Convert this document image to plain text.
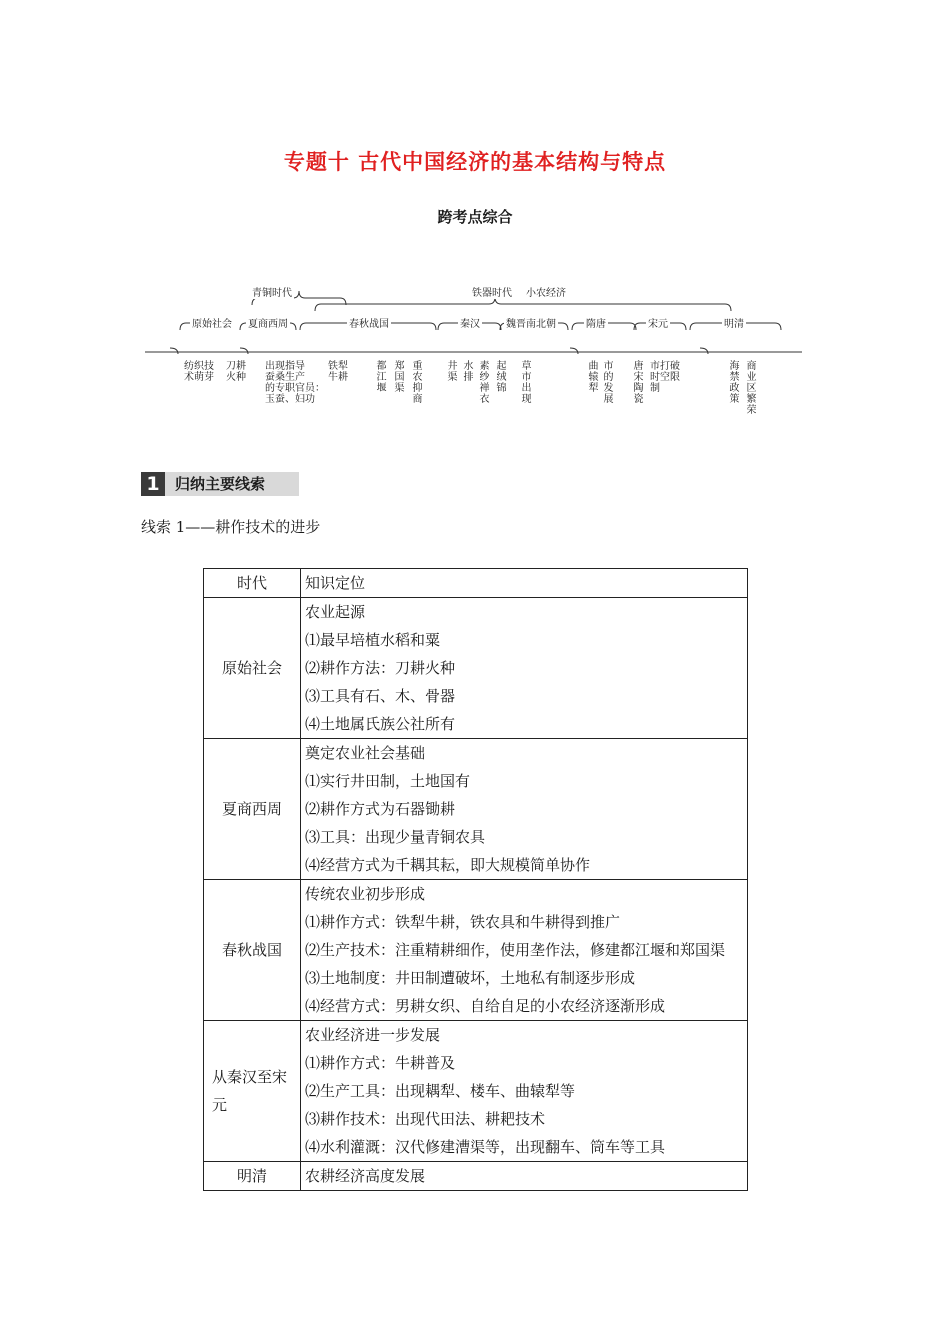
专题十 古代中国经济的基本结构与特点
跨考点综合
青铜时代	铁器时代 小农经济
原始社会 夏商西周	春秋战国	秦汉	魏晋南北朝	隋唐	宋元	明清
纺织技
术萌芽
刀耕
火种
出现指导
蚕桑生产
的专职官员：
玉蚕、妇功
铁犁
牛耕
都江堰
郑国渠
重农抑商
井渠
水排
素纱禅衣
起绒锦
草市出现
曲辕犁
市的发展
唐宋陶瓷
市打破
时空限
制
海禁政策
商业区繁荣
1	归纳主要线索
线索 1——耕作技术的进步
时代	知识定位
原始社会	农业起源
⑴最早培植水稻和粟
⑵耕作方法：刀耕火种
⑶工具有石、木、骨器
⑷土地属氏族公社所有

夏商西周	奠定农业社会基础
⑴实行井田制，土地国有
⑵耕作方式为石器锄耕
⑶工具：出现少量青铜农具
⑷经营方式为千耦其耘，即大规模简单协作

春秋战国	传统农业初步形成
⑴耕作方式：铁犁牛耕，铁农具和牛耕得到推广
⑵生产技术：注重精耕细作，使用垄作法，修建都江堰和郑国渠
⑶土地制度：井田制遭破坏，土地私有制逐步形成
⑷经营方式：男耕女织、自给自足的小农经济逐渐形成

从秦汉至宋元	农业经济进一步发展
⑴耕作方式：牛耕普及
⑵生产工具：出现耦犁、楼车、曲辕犁等
⑶耕作技术：出现代田法、耕耙技术
⑷水利灌溉：汉代修建漕渠等，出现翻车、筒车等工具

明清	农耕经济高度发展
